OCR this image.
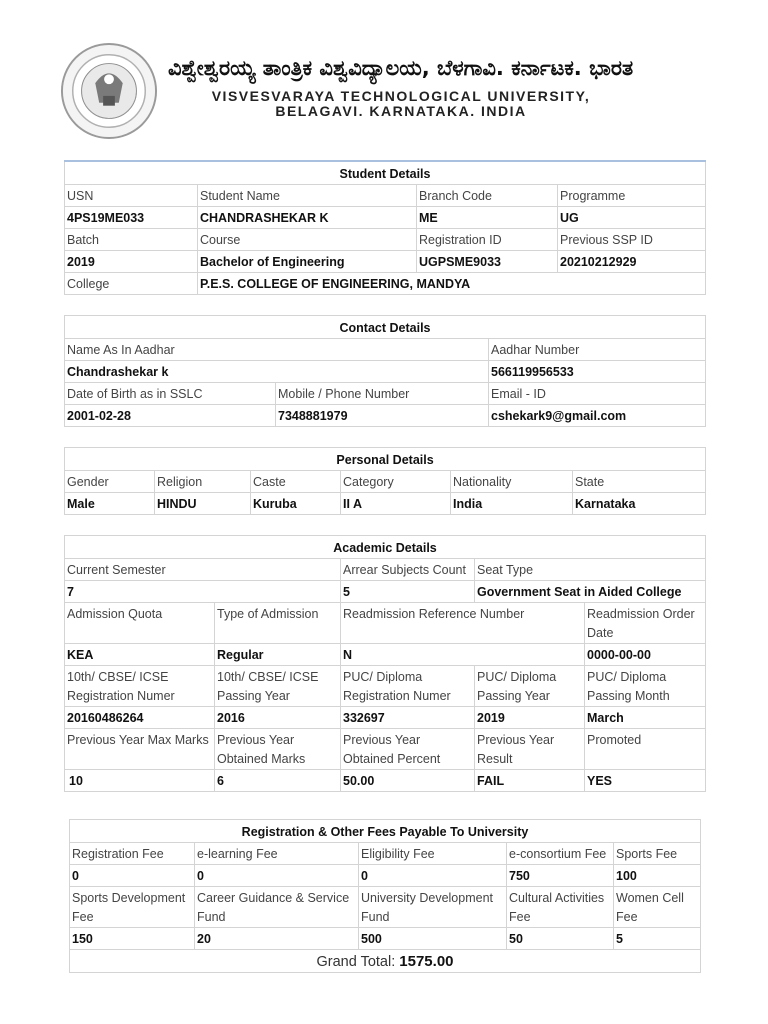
ವಿಶ್ವೇಶ್ವರಯ್ಯ ತಾಂತ್ರಿಕ ವಿಶ್ವವಿದ್ಯಾಲಯ, ಬೆಳಗಾವಿ. ಕರ್ನಾಟಕ. ಭಾರತ
VISVESVARAYA TECHNOLOGICAL UNIVERSITY,
BELAGAVI. KARNATAKA. INDIA
Student Details			
USN	Student Name	Branch Code	Programme
4PS19ME033	CHANDRASHEKAR K	ME	UG
Batch	Course	Registration ID	Previous SSP ID
2019	Bachelor of Engineering	UGPSME9033	20210212929
College	P.E.S. COLLEGE OF ENGINEERING, MANDYA		
Contact Details		
Name As In Aadhar		Aadhar Number
Chandrashekar k		566119956533
Date of Birth as in SSLC	Mobile / Phone Number	Email - ID
2001-02-28	7348881979	cshekark9@gmail.com
Personal Details					
Gender	Religion	Caste	Category	Nationality	State
Male	HINDU	Kuruba	II A	India	Karnataka
Academic Details				
Current Semester		Arrear Subjects Count	Seat Type	
7		5	Government Seat in Aided College	
Admission Quota	Type of Admission	Readmission Reference Number		Readmission Order Date
KEA	Regular	N		0000-00-00
10th/ CBSE/ ICSE Registration Numer	10th/ CBSE/ ICSE Passing Year	PUC/ Diploma Registration Numer	PUC/ Diploma Passing Year	PUC/ Diploma Passing Month
20160486264	2016	332697	2019	March
Previous Year Max Marks	Previous Year Obtained Marks	Previous Year Obtained Percent	Previous Year Result	Promoted
10	6	50.00	FAIL	YES
Registration & Other Fees Payable To University				
Registration Fee	e-learning Fee	Eligibility Fee	e-consortium Fee	Sports Fee
0	0	0	750	100
Sports Development Fee	Career Guidance & Service Fund	University Development Fund	Cultural Activities Fee	Women Cell Fee
150	20	500	50	5
Grand Total: 1575.00				
